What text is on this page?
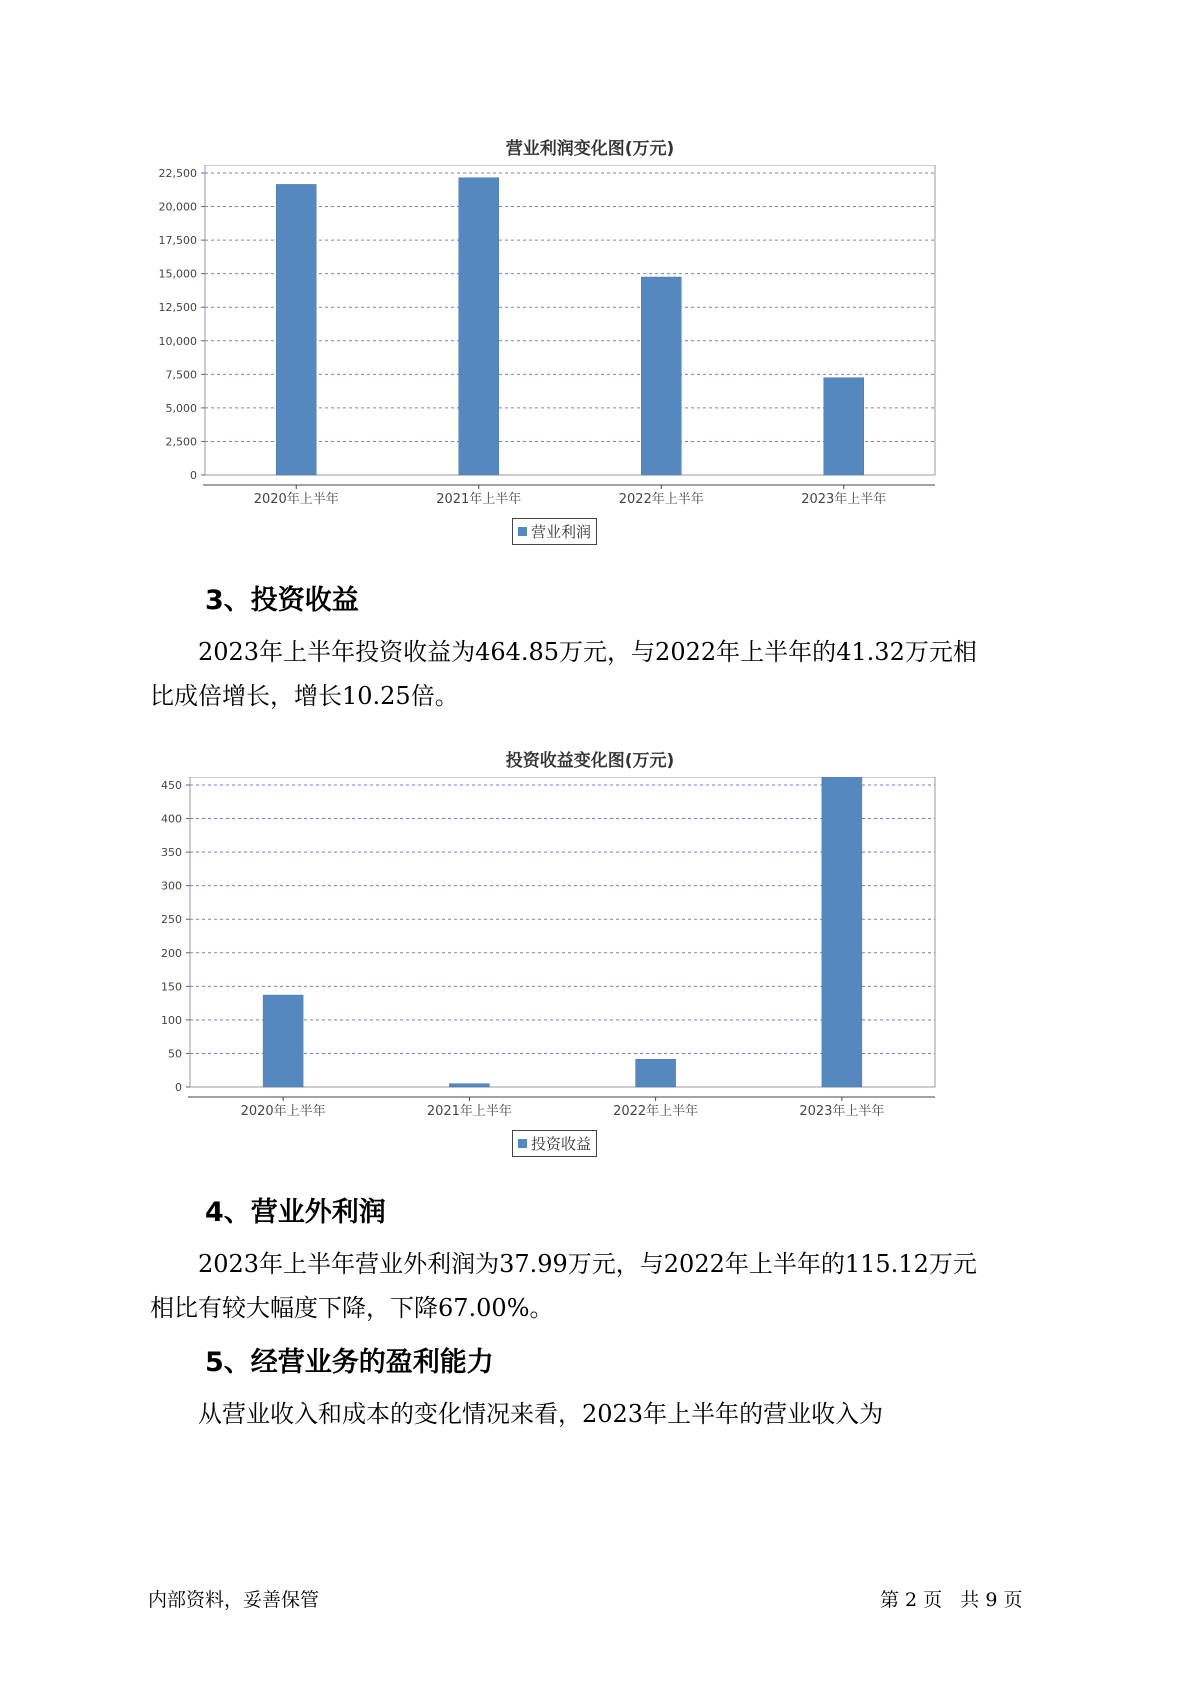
营业利润变化图(万元)
0
2,500
5,000
7,500
10,000
12,500
15,000
17,500
20,000
22,500
2020年上半年	2021年上半年	2022年上半年	2023年上半年
营业利润
3、投资收益

2023年上半年投资收益为464.85万元，与2022年上半年的41.32万元相
比成倍增长，增长10.25倍。

投资收益变化图(万元)
0
50
100
150
200
250
300
350
400
450
2020年上半年	2021年上半年	2022年上半年	2023年上半年
投资收益
4、营业外利润

2023年上半年营业外利润为37.99万元，与2022年上半年的115.12万元
相比有较大幅度下降，下降67.00%。

5、经营业务的盈利能力

从营业收入和成本的变化情况来看，2023年上半年的营业收入为

内部资料，妥善保管	第 2 页   共 9 页
